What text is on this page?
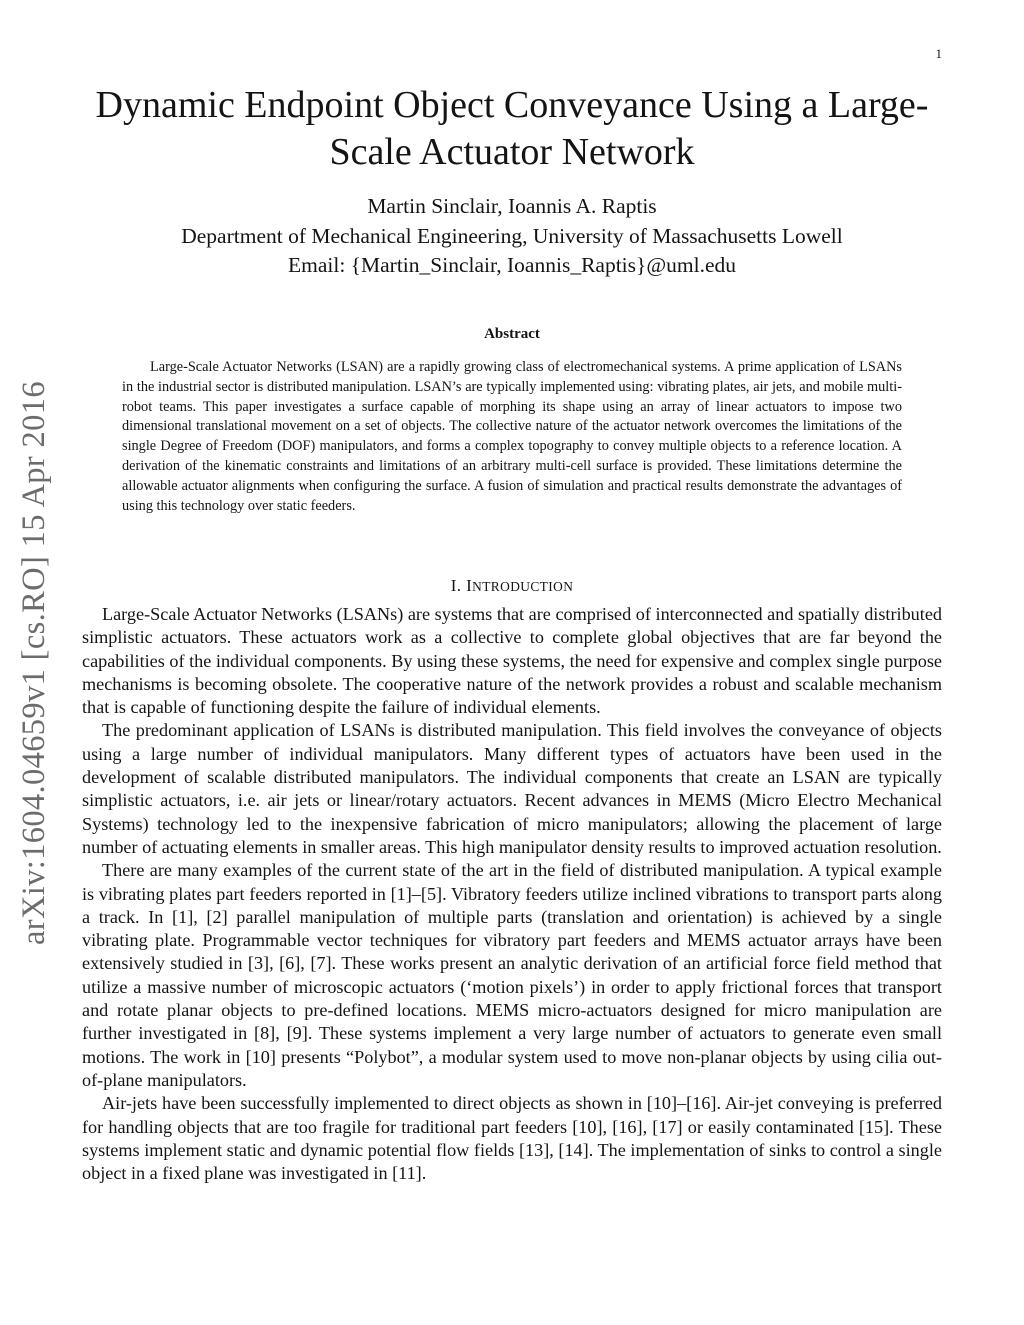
1
arXiv:1604.04659v1 [cs.RO] 15 Apr 2016
Dynamic Endpoint Object Conveyance Using a Large-Scale Actuator Network
Martin Sinclair, Ioannis A. Raptis
Department of Mechanical Engineering, University of Massachusetts Lowell
Email: {Martin_Sinclair, Ioannis_Raptis}@uml.edu
Abstract

Large-Scale Actuator Networks (LSAN) are a rapidly growing class of electromechanical systems. A prime application of LSANs in the industrial sector is distributed manipulation. LSAN’s are typically implemented using: vibrating plates, air jets, and mobile multi-robot teams. This paper investigates a surface capable of morphing its shape using an array of linear actuators to impose two dimensional translational movement on a set of objects. The collective nature of the actuator network overcomes the limitations of the single Degree of Freedom (DOF) manipulators, and forms a complex topography to convey multiple objects to a reference location. A derivation of the kinematic constraints and limitations of an arbitrary multi-cell surface is provided. These limitations determine the allowable actuator alignments when configuring the surface. A fusion of simulation and practical results demonstrate the advantages of using this technology over static feeders.

I. INTRODUCTION

Large-Scale Actuator Networks (LSANs) are systems that are comprised of interconnected and spatially distributed simplistic actuators. These actuators work as a collective to complete global objectives that are far beyond the capabilities of the individual components. By using these systems, the need for expensive and complex single purpose mechanisms is becoming obsolete. The cooperative nature of the network provides a robust and scalable mechanism that is capable of functioning despite the failure of individual elements.

The predominant application of LSANs is distributed manipulation. This field involves the conveyance of objects using a large number of individual manipulators. Many different types of actuators have been used in the development of scalable distributed manipulators. The individual components that create an LSAN are typically simplistic actuators, i.e. air jets or linear/rotary actuators. Recent advances in MEMS (Micro Electro Mechanical Systems) technology led to the inexpensive fabrication of micro manipulators; allowing the placement of large number of actuating elements in smaller areas. This high manipulator density results to improved actuation resolution.

There are many examples of the current state of the art in the field of distributed manipulation. A typical example is vibrating plates part feeders reported in [1]–[5]. Vibratory feeders utilize inclined vibrations to transport parts along a track. In [1], [2] parallel manipulation of multiple parts (translation and orientation) is achieved by a single vibrating plate. Programmable vector techniques for vibratory part feeders and MEMS actuator arrays have been extensively studied in [3], [6], [7]. These works present an analytic derivation of an artificial force field method that utilize a massive number of microscopic actuators (‘motion pixels’) in order to apply frictional forces that transport and rotate planar objects to pre-defined locations. MEMS micro-actuators designed for micro manipulation are further investigated in [8], [9]. These systems implement a very large number of actuators to generate even small motions. The work in [10] presents “Polybot”, a modular system used to move non-planar objects by using cilia out-of-plane manipulators.

Air-jets have been successfully implemented to direct objects as shown in [10]–[16]. Air-jet conveying is preferred for handling objects that are too fragile for traditional part feeders [10], [16], [17] or easily contaminated [15]. These systems implement static and dynamic potential flow fields [13], [14]. The implementation of sinks to control a single object in a fixed plane was investigated in [11].
